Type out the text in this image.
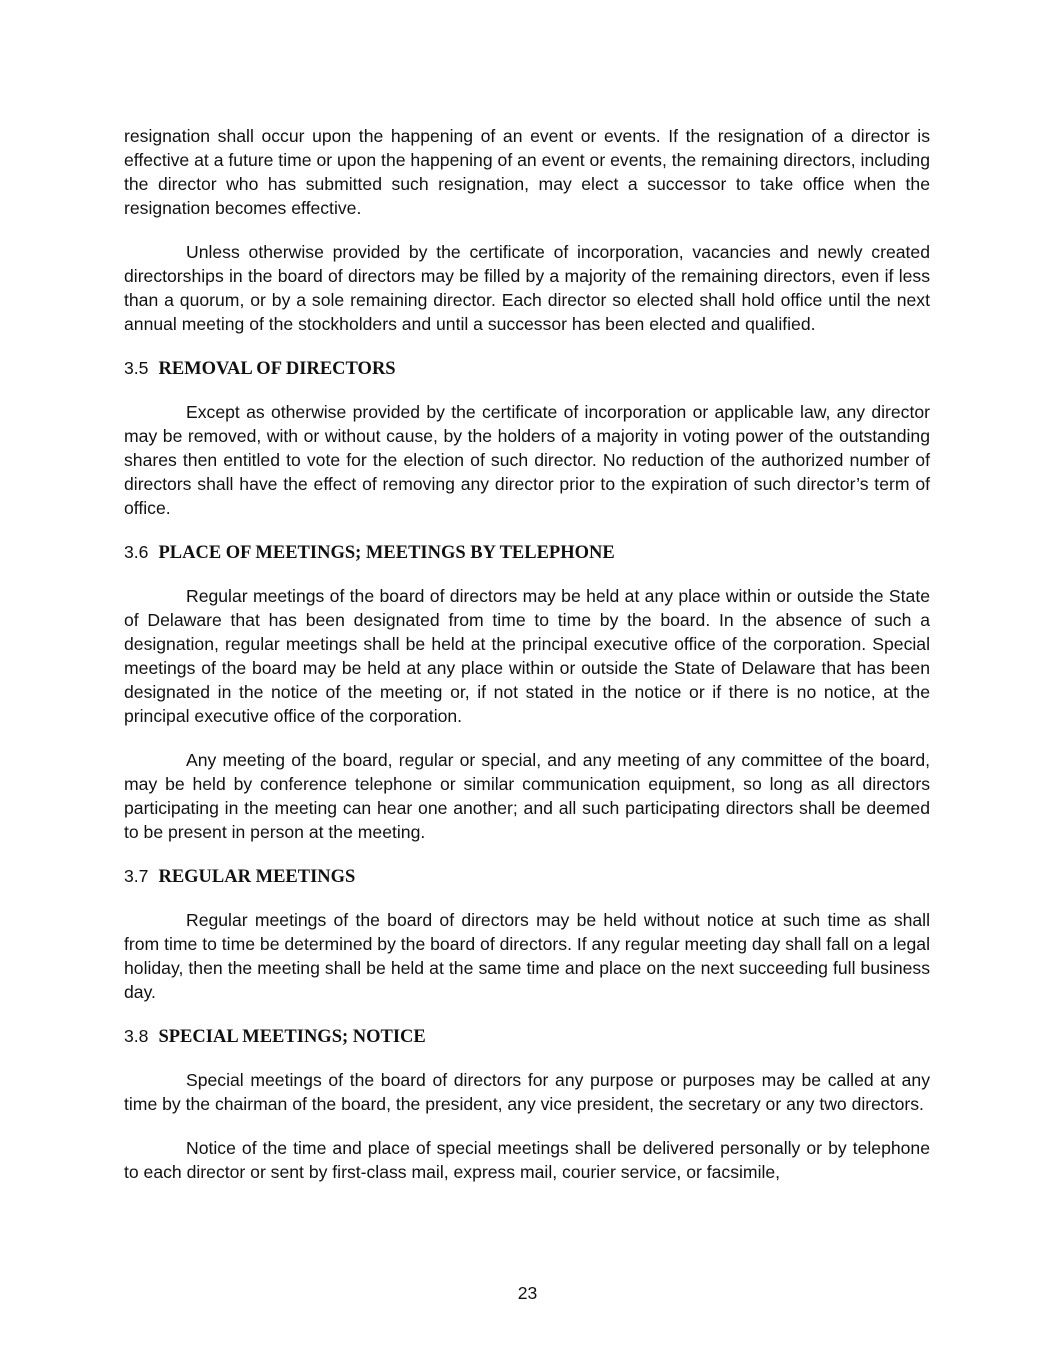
resignation shall occur upon the happening of an event or events. If the resignation of a director is effective at a future time or upon the happening of an event or events, the remaining directors, including the director who has submitted such resignation, may elect a successor to take office when the resignation becomes effective.

Unless otherwise provided by the certificate of incorporation, vacancies and newly created directorships in the board of directors may be filled by a majority of the remaining directors, even if less than a quorum, or by a sole remaining director. Each director so elected shall hold office until the next annual meeting of the stockholders and until a successor has been elected and qualified.

3.5 REMOVAL OF DIRECTORS

Except as otherwise provided by the certificate of incorporation or applicable law, any director may be removed, with or without cause, by the holders of a majority in voting power of the outstanding shares then entitled to vote for the election of such director. No reduction of the authorized number of directors shall have the effect of removing any director prior to the expiration of such director’s term of office.

3.6 PLACE OF MEETINGS; MEETINGS BY TELEPHONE

Regular meetings of the board of directors may be held at any place within or outside the State of Delaware that has been designated from time to time by the board. In the absence of such a designation, regular meetings shall be held at the principal executive office of the corporation. Special meetings of the board may be held at any place within or outside the State of Delaware that has been designated in the notice of the meeting or, if not stated in the notice or if there is no notice, at the principal executive office of the corporation.

Any meeting of the board, regular or special, and any meeting of any committee of the board, may be held by conference telephone or similar communication equipment, so long as all directors participating in the meeting can hear one another; and all such participating directors shall be deemed to be present in person at the meeting.

3.7 REGULAR MEETINGS

Regular meetings of the board of directors may be held without notice at such time as shall from time to time be determined by the board of directors. If any regular meeting day shall fall on a legal holiday, then the meeting shall be held at the same time and place on the next succeeding full business day.

3.8 SPECIAL MEETINGS; NOTICE

Special meetings of the board of directors for any purpose or purposes may be called at any time by the chairman of the board, the president, any vice president, the secretary or any two directors.

Notice of the time and place of special meetings shall be delivered personally or by telephone to each director or sent by first-class mail, express mail, courier service, or facsimile,

23
